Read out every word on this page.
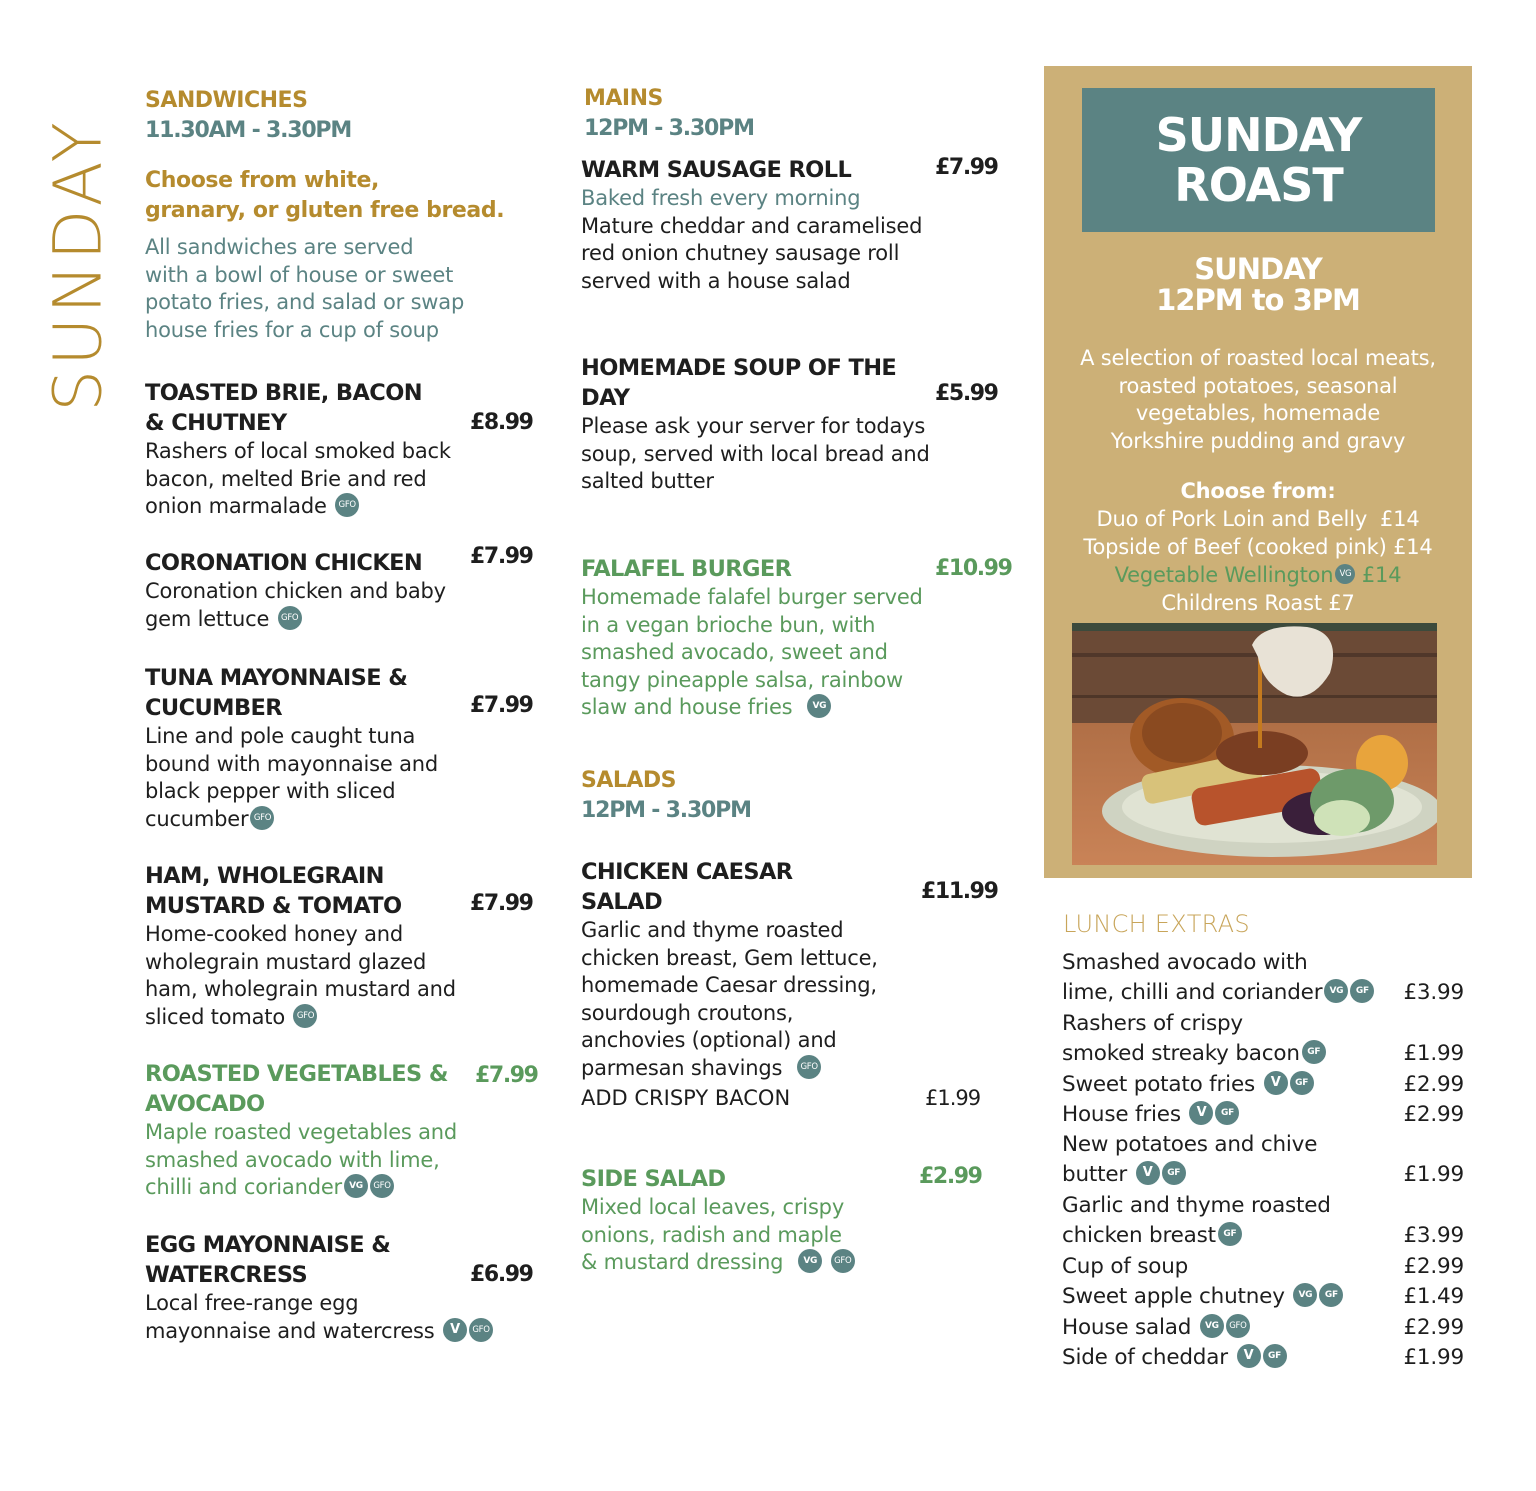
SUNDAY
SANDWICHES
11.30AM - 3.30PM
Choose from white,
granary, or gluten free bread.
All sandwiches are served
with a bowl of house or sweet
potato fries, and salad or swap
house fries for a cup of soup
TOASTED BRIE, BACON
& CHUTNEY	£8.99
Rashers of local smoked back
bacon, melted Brie and red
onion marmalade GFO
CORONATION CHICKEN	£7.99
Coronation chicken and baby
gem lettuce GFO
TUNA MAYONNAISE &
CUCUMBER	£7.99
Line and pole caught tuna
bound with mayonnaise and
black pepper with sliced
cucumber GFO
HAM, WHOLEGRAIN
MUSTARD & TOMATO	£7.99
Home-cooked honey and
wholegrain mustard glazed
ham, wholegrain mustard and
sliced tomato GFO
ROASTED VEGETABLES &
AVOCADO
£7.99
Maple roasted vegetables and
smashed avocado with lime,
chilli and coriander VG GFO
EGG MAYONNAISE &
WATERCRESS	£6.99
Local free-range egg
mayonnaise and watercress V GFO
MAINS
12PM - 3.30PM
WARM SAUSAGE ROLL	£7.99
Baked fresh every morning
Mature cheddar and caramelised
red onion chutney sausage roll
served with a house salad
HOMEMADE SOUP OF THE
DAY	£5.99
Please ask your server for todays
soup, served with local bread and
salted butter
FALAFEL BURGER	£10.99
Homemade falafel burger served
in a vegan brioche bun, with
smashed avocado, sweet and
tangy pineapple salsa, rainbow
slaw and house fries VG
SALADS
12PM - 3.30PM
CHICKEN CAESAR
SALAD	£11.99
Garlic and thyme roasted
chicken breast, Gem lettuce,
homemade Caesar dressing,
sourdough croutons,
anchovies (optional) and
parmesan shavings GFO
ADD CRISPY BACON	£1.99
SIDE SALAD	£2.99
Mixed local leaves, crispy
onions, radish and maple
& mustard dressing VG GFO
SUNDAY
ROAST
SUNDAY
12PM to 3PM
A selection of roasted local meats,
roasted potatoes, seasonal
vegetables, homemade
Yorkshire pudding and gravy
Choose from:
Duo of Pork Loin and Belly £14
Topside of Beef (cooked pink) £14
Vegetable Wellington VG £14
Childrens Roast £7
LUNCH EXTRAS
Smashed avocado with
lime, chilli and coriander VG GF	£3.99
Rashers of crispy
smoked streaky bacon GF	£1.99
Sweet potato fries V GF	£2.99
House fries V GF	£2.99
New potatoes and chive
butter V GF	£1.99
Garlic and thyme roasted
chicken breast GF	£3.99
Cup of soup	£2.99
Sweet apple chutney VG GF	£1.49
House salad VG GFO	£2.99
Side of cheddar V GF	£1.99
